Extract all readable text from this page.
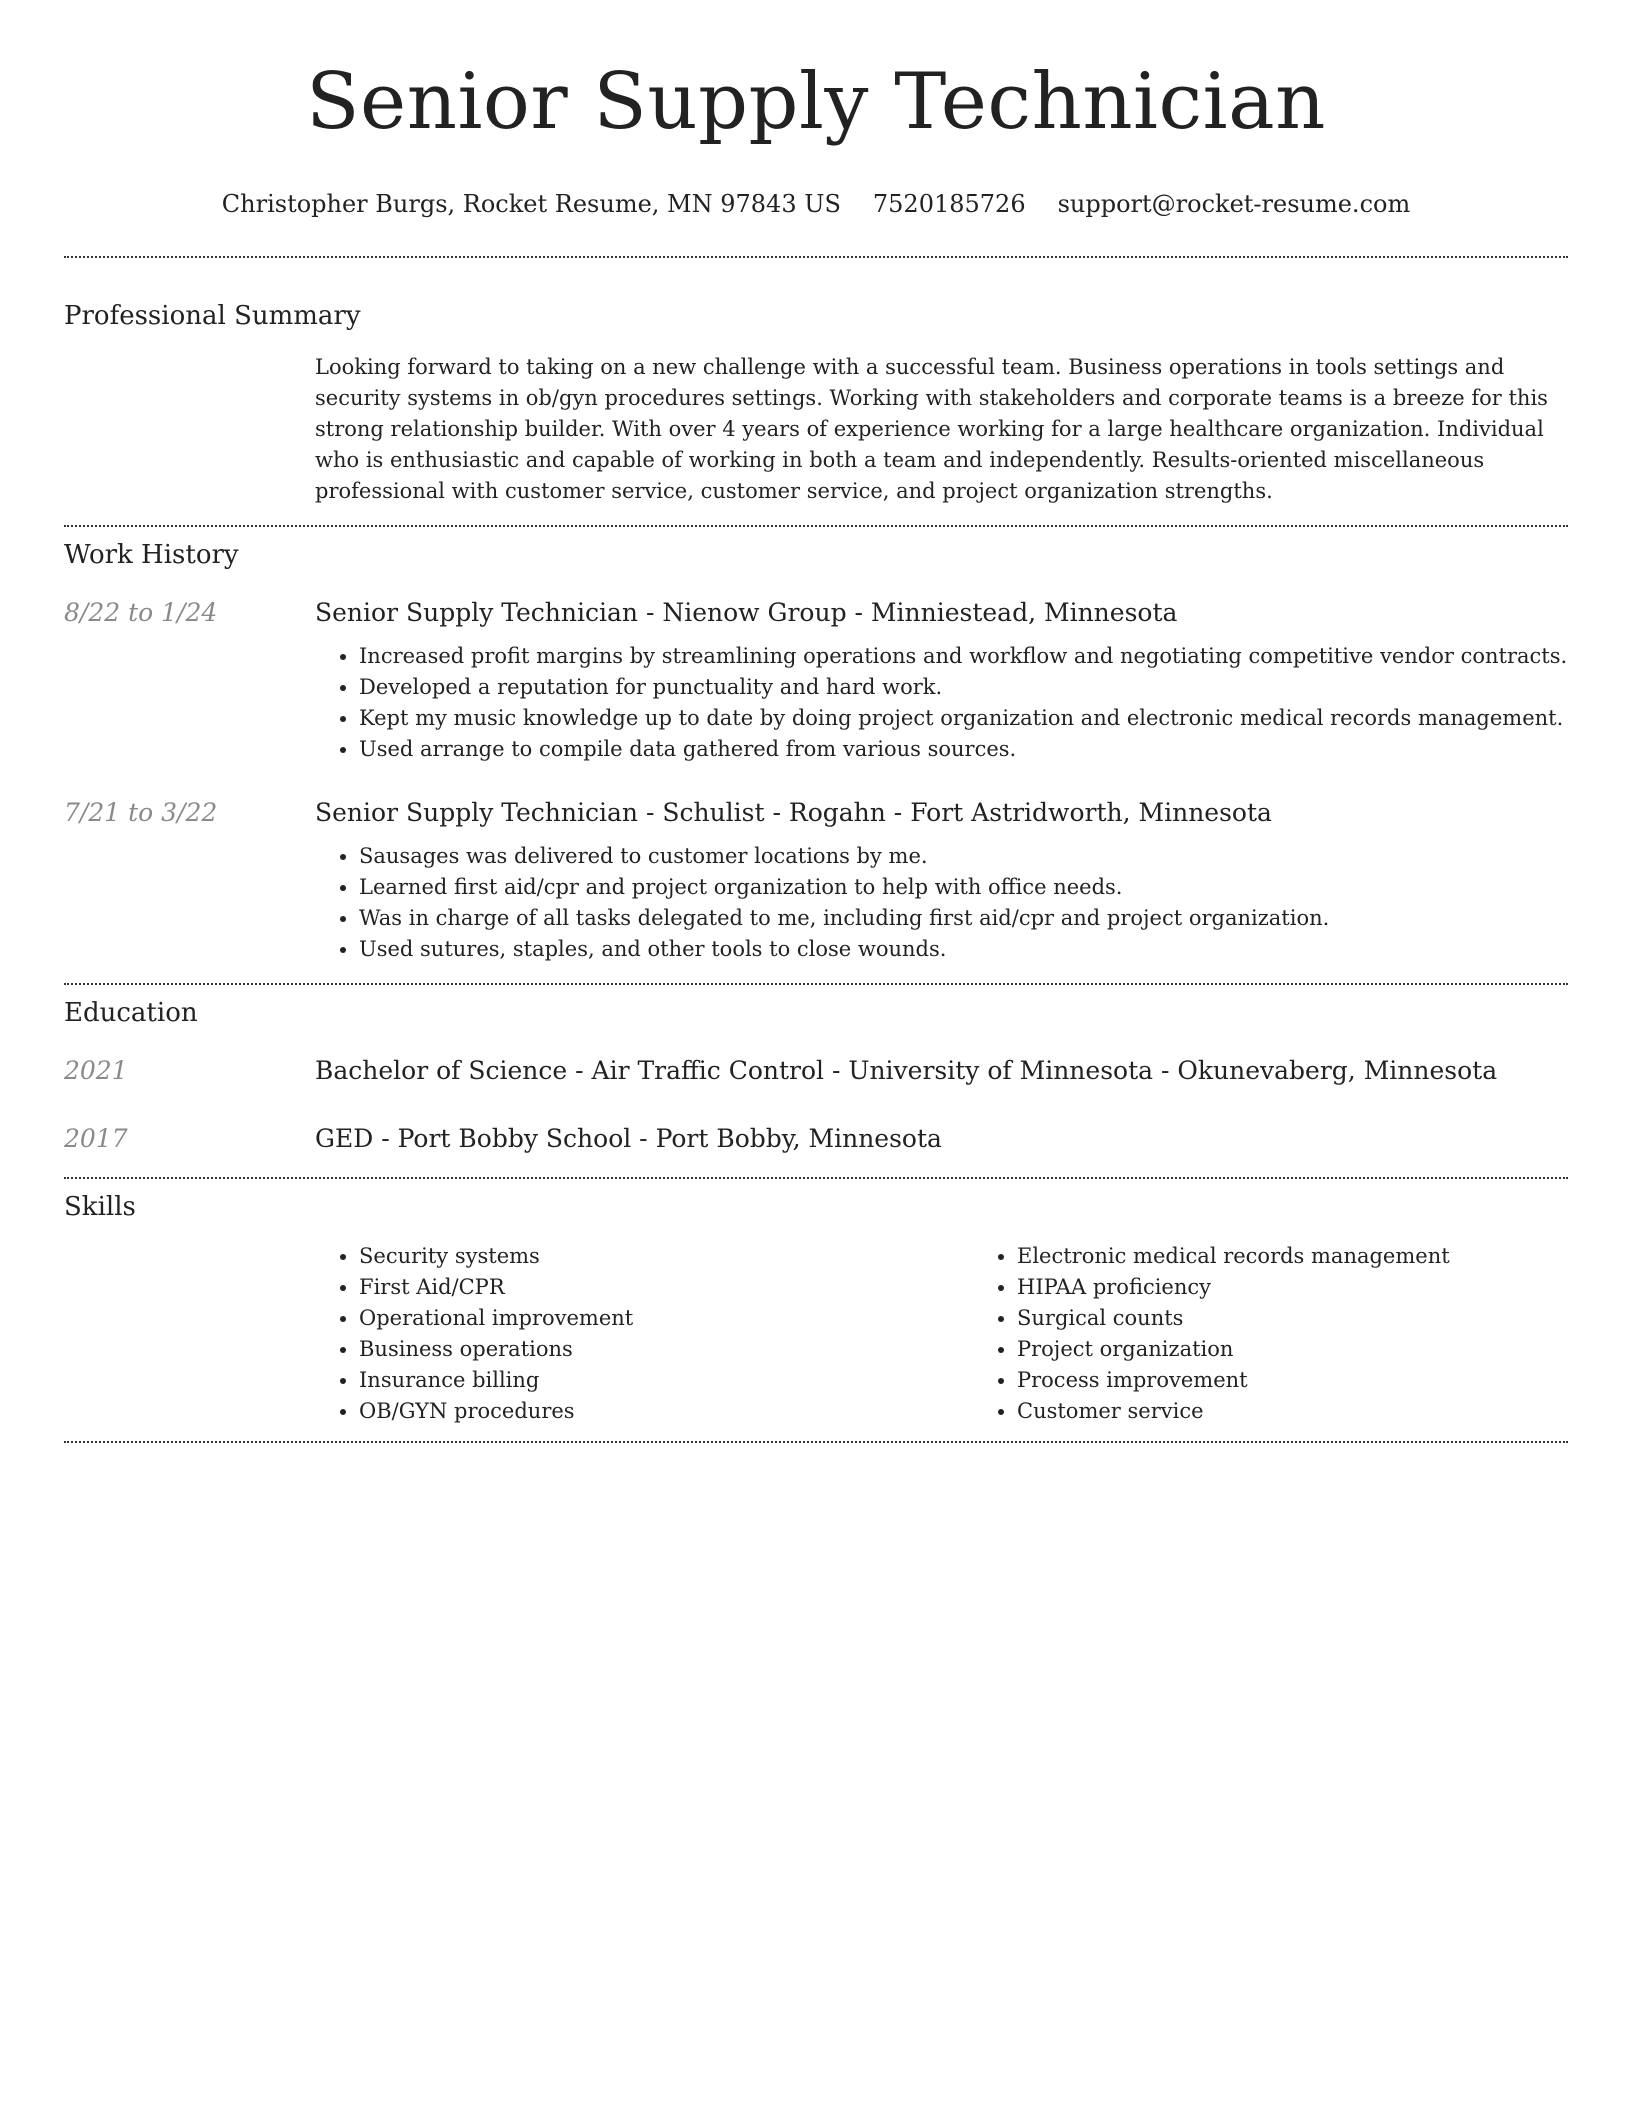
Senior Supply Technician
Christopher Burgs, Rocket Resume, MN 97843 US 7520185726 support@rocket-resume.com
Professional Summary

Looking forward to taking on a new challenge with a successful team. Business operations in tools settings and security systems in ob/gyn procedures settings. Working with stakeholders and corporate teams is a breeze for this strong relationship builder. With over 4 years of experience working for a large healthcare organization. Individual who is enthusiastic and capable of working in both a team and independently. Results-oriented miscellaneous professional with customer service, customer service, and project organization strengths.

Work History
8/22 to 1/24	Senior Supply Technician - Nienow Group - Minniestead, Minnesota
• Increased profit margins by streamlining operations and workflow and negotiating competitive vendor contracts.
• Developed a reputation for punctuality and hard work.
• Kept my music knowledge up to date by doing project organization and electronic medical records management.
• Used arrange to compile data gathered from various sources.
7/21 to 3/22	Senior Supply Technician - Schulist - Rogahn - Fort Astridworth, Minnesota
• Sausages was delivered to customer locations by me.
• Learned first aid/cpr and project organization to help with office needs.
• Was in charge of all tasks delegated to me, including first aid/cpr and project organization.
• Used sutures, staples, and other tools to close wounds.
Education
2021	Bachelor of Science - Air Traffic Control - University of Minnesota - Okunevaberg, Minnesota
2017	GED - Port Bobby School - Port Bobby, Minnesota
Skills
• Security systems
• First Aid/CPR
• Operational improvement
• Business operations
• Insurance billing
• OB/GYN procedures
• Electronic medical records management
• HIPAA proficiency
• Surgical counts
• Project organization
• Process improvement
• Customer service
